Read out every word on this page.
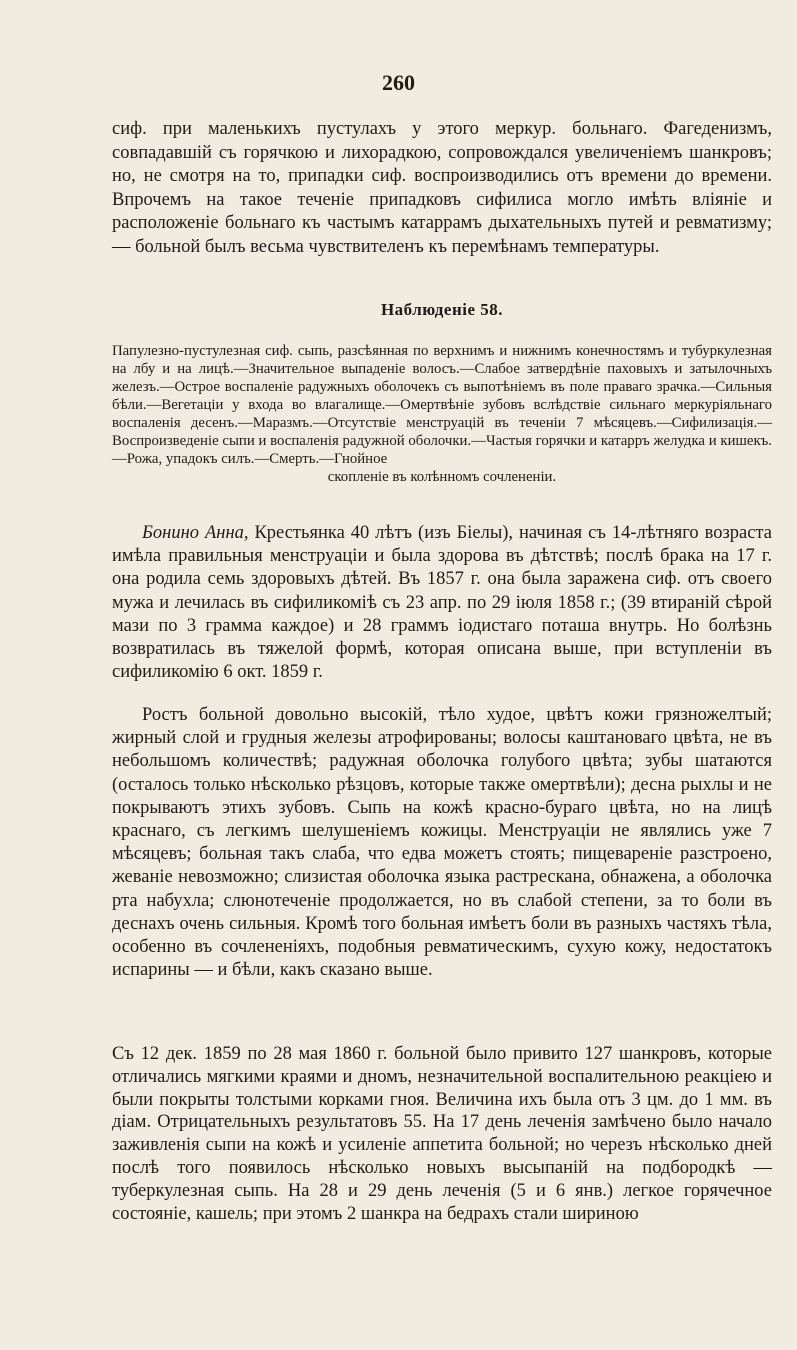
260

сиф. при маленькихъ пустулахъ у этого меркур. больнаго. Фагеденизмъ, совпадавшій съ горячкою и лихорадкою, сопровождался увеличеніемъ шанкровъ; но, не смотря на то, припадки сиф. воспроизводились отъ времени до времени. Впрочемъ на такое теченіе припадковъ сифилиса могло имѣть вліяніе и расположеніе больнаго къ частымъ катаррамъ дыхательныхъ путей и ревматизму; — больной былъ весьма чувствителенъ къ перемѣнамъ температуры.

Наблюденіе 58.

Папулезно-пустулезная сиф. сыпь, разсѣянная по верхнимъ и нижнимъ конечностямъ и тубуркулезная на лбу и на лицѣ.—Значительное выпаденіе волосъ.—Слабое затвердѣніе паховыхъ и затылочныхъ железъ.—Острое воспаленіе радужныхъ оболочекъ съ выпотѣніемъ въ поле праваго зрачка.—Сильныя бѣли.—Вегетаціи у входа во влагалище.—Омертвѣніе зубовъ вслѣдствіе сильнаго меркуріяльнаго воспаленія десенъ.—Маразмъ.—Отсутствіе менструацій въ теченіи 7 мѣсяцевъ.—Сифилизація.—Воспроизведеніе сыпи и воспаленія радужной оболочки.—Частыя горячки и катарръ желудка и кишекъ.—Рожа, упадокъ силъ.—Смерть.—Гнойное
скопленіе въ колѣнномъ сочлененіи.

Бонино Анна, Крестьянка 40 лѣтъ (изъ Біелы), начиная съ 14-лѣтняго возраста имѣла правильныя менструаціи и была здорова въ дѣтствѣ; послѣ брака на 17 г. она родила семь здоровыхъ дѣтей. Въ 1857 г. она была заражена сиф. отъ своего мужа и лечилась въ сифиликомiѣ съ 23 апр. по 29 іюля 1858 г.; (39 втираній сѣрой мази по 3 грамма каждое) и 28 граммъ іодистаго поташа внутрь. Но болѣзнь возвратилась въ тяжелой формѣ, которая описана выше, при вступленіи въ сифиликомiю 6 окт. 1859 г.

Ростъ больной довольно высокій, тѣло худое, цвѣтъ кожи грязножелтый; жирный слой и грудныя железы атрофированы; волосы каштановаго цвѣта, не въ небольшомъ количествѣ; радужная оболочка голубого цвѣта; зубы шатаются (осталось только нѣсколько рѣзцовъ, которые также омертвѣли); десна рыхлы и не покрываютъ этихъ зубовъ. Сыпь на кожѣ красно-бураго цвѣта, но на лицѣ краснаго, съ легкимъ шелушеніемъ кожицы. Менструаціи не являлись уже 7 мѣсяцевъ; больная такъ слаба, что едва можетъ стоять; пищевареніе разстроено, жеваніе невозможно; слизистая оболочка языка растрескана, обнажена, а оболочка рта набухла; слюнотеченіе продолжается, но въ слабой степени, за то боли въ деснахъ очень сильныя. Кромѣ того больная имѣетъ боли въ разныхъ частяхъ тѣла, особенно въ сочлененіяхъ, подобныя ревматическимъ, сухую кожу, недостатокъ испарины — и бѣли, какъ сказано выше.

Съ 12 дек. 1859 по 28 мая 1860 г. больной было привито 127 шанкровъ, которые отличались мягкими краями и дномъ, незначительной воспалительною реакціею и были покрыты толстыми корками гноя. Величина ихъ была отъ 3 цм. до 1 мм. въ діам. Отрицательныхъ результатовъ 55. На 17 день леченія замѣчено было начало заживленія сыпи на кожѣ и усиленіе аппетита больной; но черезъ нѣсколько дней послѣ того появилось нѣсколько новыхъ высыпаній на подбородкѣ — туберкулезная сыпь. На 28 и 29 день леченія (5 и 6 янв.) легкое горячечное состояніе, кашель; при этомъ 2 шанкра на бедрахъ стали шириною
